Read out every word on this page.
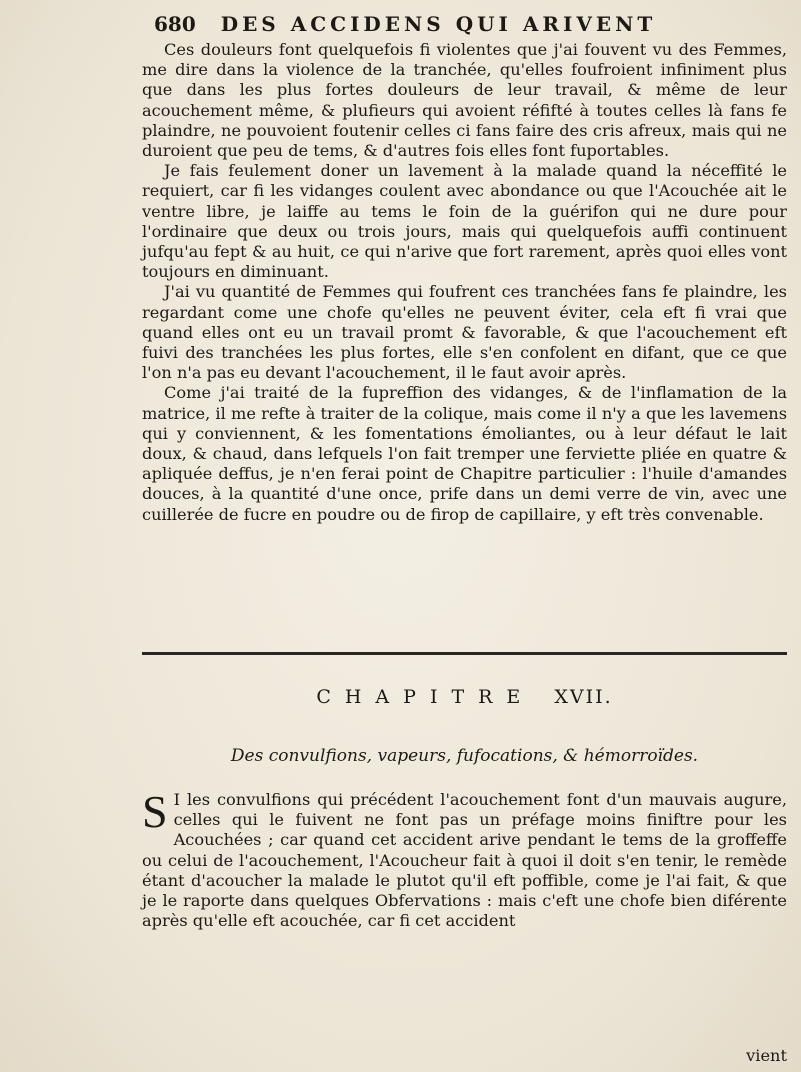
680 DES ACCIDENS QUI ARIVENT

Ces douleurs font quelquefois fi violentes que j'ai fouvent vu des Femmes, me dire dans la violence de la tranchée, qu'elles foufroient infiniment plus que dans les plus fortes douleurs de leur travail, & même de leur acouchement même, & plufieurs qui avoient réfifté à toutes celles là fans fe plaindre, ne pouvoient foutenir celles ci fans faire des cris afreux, mais qui ne duroient que peu de tems, & d'autres fois elles font fuportables.

Je fais feulement doner un lavement à la malade quand la néceffité le requiert, car fi les vidanges coulent avec abondance ou que l'Acouchée ait le ventre libre, je laiffe au tems le foin de la guérifon qui ne dure pour l'ordinaire que deux ou trois jours, mais qui quelquefois auffi continuent jufqu'au fept & au huit, ce qui n'arive que fort rarement, après quoi elles vont toujours en diminuant.

J'ai vu quantité de Femmes qui foufrent ces tranchées fans fe plaindre, les regardant come une chofe qu'elles ne peuvent éviter, cela eft fi vrai que quand elles ont eu un travail promt & favorable, & que l'acouchement eft fuivi des tranchées les plus fortes, elle s'en confolent en difant, que ce que l'on n'a pas eu devant l'acouchement, il le faut avoir après.

Come j'ai traité de la fupreffion des vidanges, & de l'inflamation de la matrice, il me refte à traiter de la colique, mais come il n'y a que les lavemens qui y conviennent, & les fomentations émoliantes, ou à leur défaut le lait doux, & chaud, dans lefquels l'on fait tremper une ferviette pliée en quatre & apliquée deffus, je n'en ferai point de Chapitre particulier : l'huile d'amandes douces, à la quantité d'une once, prife dans un demi verre de vin, avec une cuillerée de fucre en poudre ou de firop de capillaire, y eft très convenable.

CHAPITRE XVII.
Des convulfions, vapeurs, fufocations, & hémorroïdes.

S I les convulfions qui précédent l'acouchement font d'un mauvais augure, celles qui le fuivent ne font pas un préfage moins finiftre pour les Acouchées ; car quand cet accident arive pendant le tems de la groffeffe ou celui de l'acouchement, l'Acoucheur fait à quoi il doit s'en tenir, le remède étant d'acoucher la malade le plutot qu'il eft poffible, come je l'ai fait, & que je le raporte dans quelques Obfervations : mais c'eft une chofe bien diférente après qu'elle eft acouchée, car fi cet accident

vient
